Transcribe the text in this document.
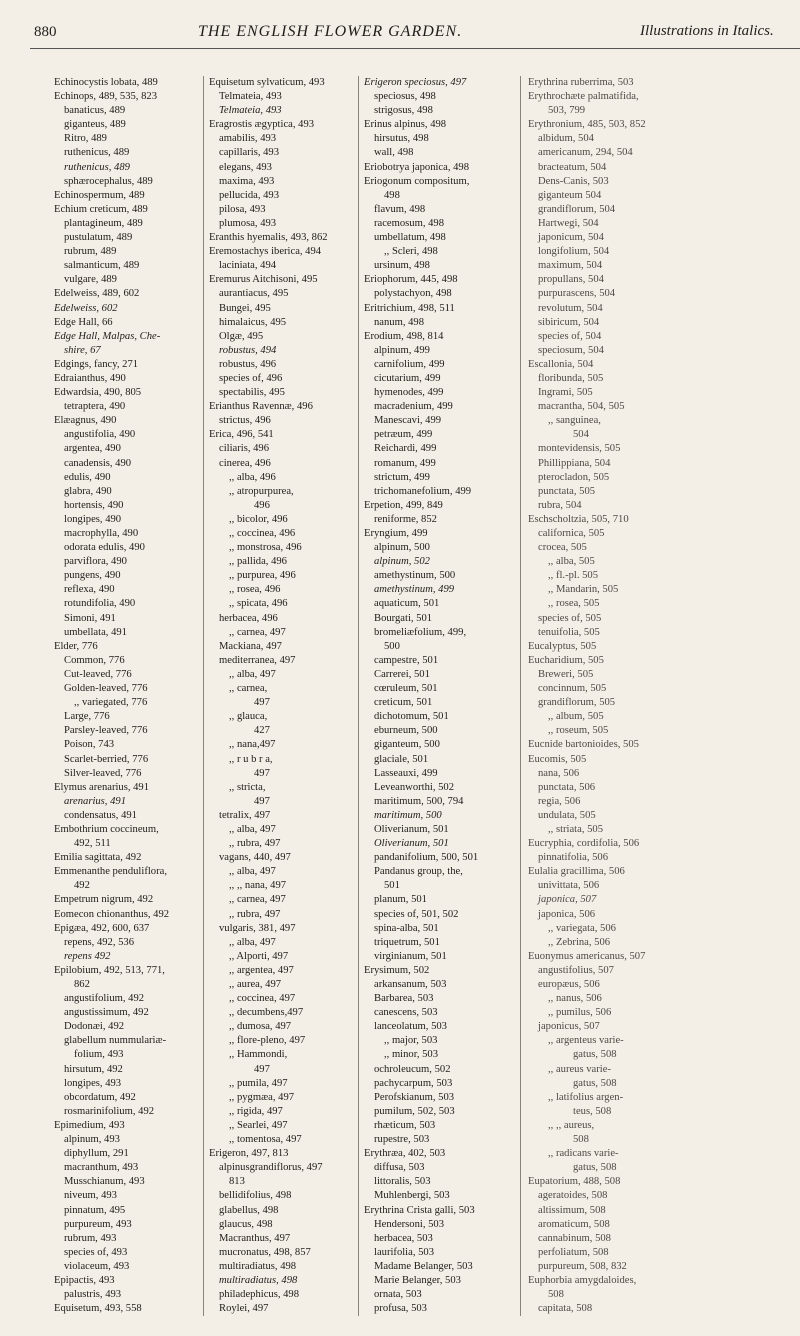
880	THE ENGLISH FLOWER GARDEN.	Illustrations in Italics.
Echinocystis lobata, 489
Echinops, 489, 535, 823
banaticus, 489
giganteus, 489
Ritro, 489
ruthenicus, 489
ruthenicus, 489
sphærocephalus, 489
Echinospermum, 489
Echium creticum, 489
plantagineum, 489
pustulatum, 489
rubrum, 489
salmanticum, 489
vulgare, 489
Edelweiss, 489, 602
Edelweiss, 602
Edge Hall, 66
Edge Hall, Malpas, Che-
shire, 67
Edgings, fancy, 271
Edraianthus, 490
Edwardsia, 490, 805
tetraptera, 490
Elæagnus, 490
angustifolia, 490
argentea, 490
canadensis, 490
edulis, 490
glabra, 490
hortensis, 490
longipes, 490
macrophylla, 490
odorata edulis, 490
parviflora, 490
pungens, 490
reflexa, 490
rotundifolia, 490
Simoni, 491
umbellata, 491
Elder, 776
Common, 776
Cut-leaved, 776
Golden-leaved, 776
,, variegated, 776
Large, 776
Parsley-leaved, 776
Poison, 743
Scarlet-berried, 776
Silver-leaved, 776
Elymus arenarius, 491
arenarius, 491
condensatus, 491
Embothrium coccineum,
492, 511
Emilia sagittata, 492
Emmenanthe penduliflora,
492
Empetrum nigrum, 492
Eomecon chionanthus, 492
Epigæa, 492, 600, 637
repens, 492, 536
repens 492
Epilobium, 492, 513, 771,
862
angustifolium, 492
angustissimum, 492
Dodonæi, 492
glabellum nummulariæ-
folium, 493
hirsutum, 492
longipes, 493
obcordatum, 492
rosmarinifolium, 492
Epimedium, 493
alpinum, 493
diphyllum, 291
macranthum, 493
Musschianum, 493
niveum, 493
pinnatum, 495
purpureum, 493
rubrum, 493
species of, 493
violaceum, 493
Epipactis, 493
palustris, 493
Equisetum, 493, 558
Equisetum sylvaticum, 493
Telmateia, 493
Telmateia, 493
Eragrostis ægyptica, 493
amabilis, 493
capillaris, 493
elegans, 493
maxima, 493
pellucida, 493
pilosa, 493
plumosa, 493
Eranthis hyemalis, 493, 862
Eremostachys iberica, 494
laciniata, 494
Eremurus Aitchisoni, 495
aurantiacus, 495
Bungei, 495
himalaicus, 495
Olgæ, 495
robustus, 494
robustus, 496
species of, 496
spectabilis, 495
Erianthus Ravennæ, 496
strictus, 496
Erica, 496, 541
ciliaris, 496
cinerea, 496
,, alba, 496
,, atropurpurea,
496
,, bicolor, 496
,, coccinea, 496
,, monstrosa, 496
,, pallida, 496
,, purpurea, 496
,, rosea, 496
,, spicata, 496
herbacea, 496
,, carnea, 497
Mackiana, 497
mediterranea, 497
,, alba, 497
,, carnea,
497
,, glauca,
427
,, nana,497
,, r u b r a,
497
,, stricta,
497
tetralix, 497
,, alba, 497
,, rubra, 497
vagans, 440, 497
,, alba, 497
,, ,, nana, 497
,, carnea, 497
,, rubra, 497
vulgaris, 381, 497
,, alba, 497
,, Alporti, 497
,, argentea, 497
,, aurea, 497
,, coccinea, 497
,, decumbens,497
,, dumosa, 497
,, flore-pleno, 497
,, Hammondi,
497
,, pumila, 497
,, pygmæa, 497
,, rigida, 497
,, Searlei, 497
,, tomentosa, 497
Erigeron, 497, 813
alpinusgrandiflorus, 497
813
bellidifolius, 498
glabellus, 498
glaucus, 498
Macranthus, 497
mucronatus, 498, 857
multiradiatus, 498
multiradiatus, 498
philadephicus, 498
Roylei, 497
Erigeron speciosus, 497
speciosus, 498
strigosus, 498
Erinus alpinus, 498
hirsutus, 498
wall, 498
Eriobotrya japonica, 498
Eriogonum compositum,
498
flavum, 498
racemosum, 498
umbellatum, 498
,, Scleri, 498
ursinum, 498
Eriophorum, 445, 498
polystachyon, 498
Eritrichium, 498, 511
nanum, 498
Erodium, 498, 814
alpinum, 499
carnifolium, 499
cicutarium, 499
hymenodes, 499
macradenium, 499
Manescavi, 499
petræum, 499
Reichardi, 499
romanum, 499
strictum, 499
trichomanefolium, 499
Erpetion, 499, 849
reniforme, 852
Eryngium, 499
alpinum, 500
alpinum, 502
amethystinum, 500
amethystinum, 499
aquaticum, 501
Bourgati, 501
bromeliæfolium, 499,
500
campestre, 501
Carrerei, 501
cœruleum, 501
creticum, 501
dichotomum, 501
eburneum, 500
giganteum, 500
glaciale, 501
Lasseauxi, 499
Leveanworthi, 502
maritimum, 500, 794
maritimum, 500
Oliverianum, 501
Oliverianum, 501
pandanifolium, 500, 501
Pandanus group, the,
501
planum, 501
species of, 501, 502
spina-alba, 501
triquetrum, 501
virginianum, 501
Erysimum, 502
arkansanum, 503
Barbarea, 503
canescens, 503
lanceolatum, 503
,, major, 503
,, minor, 503
ochroleucum, 502
pachycarpum, 503
Perofskianum, 503
pumilum, 502, 503
rhæticum, 503
rupestre, 503
Erythræa, 402, 503
diffusa, 503
littoralis, 503
Muhlenbergi, 503
Erythrina Crista galli, 503
Hendersoni, 503
herbacea, 503
laurifolia, 503
Madame Belanger, 503
Marie Belanger, 503
ornata, 503
profusa, 503
Erythrina ruberrima, 503
Erythrochæte palmatifida,
503, 799
Erythronium, 485, 503, 852
albidum, 504
americanum, 294, 504
bracteatum, 504
Dens-Canis, 503
giganteum 504
grandiflorum, 504
Hartwegi, 504
japonicum, 504
longifolium, 504
maximum, 504
propullans, 504
purpurascens, 504
revolutum, 504
sibiricum, 504
species of, 504
speciosum, 504
Escallonia, 504
floribunda, 505
Ingrami, 505
macrantha, 504, 505
,, sanguinea,
504
montevidensis, 505
Phillippiana, 504
pterocladon, 505
punctata, 505
rubra, 504
Eschscholtzia, 505, 710
californica, 505
crocea, 505
,, alba, 505
,, fl.-pl. 505
,, Mandarin, 505
,, rosea, 505
species of, 505
tenuifolia, 505
Eucalyptus, 505
Eucharidium, 505
Breweri, 505
concinnum, 505
grandiflorum, 505
,, album, 505
,, roseum, 505
Eucnide bartonioides, 505
Eucomis, 505
nana, 506
punctata, 506
regia, 506
undulata, 505
,, striata, 505
Eucryphia, cordifolia, 506
pinnatifolia, 506
Eulalia gracillima, 506
univittata, 506
japonica, 507
japonica, 506
,, variegata, 506
,, Zebrina, 506
Euonymus americanus, 507
angustifolius, 507
europæus, 506
,, nanus, 506
,, pumilus, 506
japonicus, 507
,, argenteus varie-
gatus, 508
,, aureus varie-
gatus, 508
,, latifolius argen-
teus, 508
,, ,, aureus,
508
,, radicans varie-
gatus, 508
Eupatorium, 488, 508
ageratoides, 508
altissimum, 508
aromaticum, 508
cannabinum, 508
perfoliatum, 508
purpureum, 508, 832
Euphorbia amygdaloides,
508
capitata, 508
